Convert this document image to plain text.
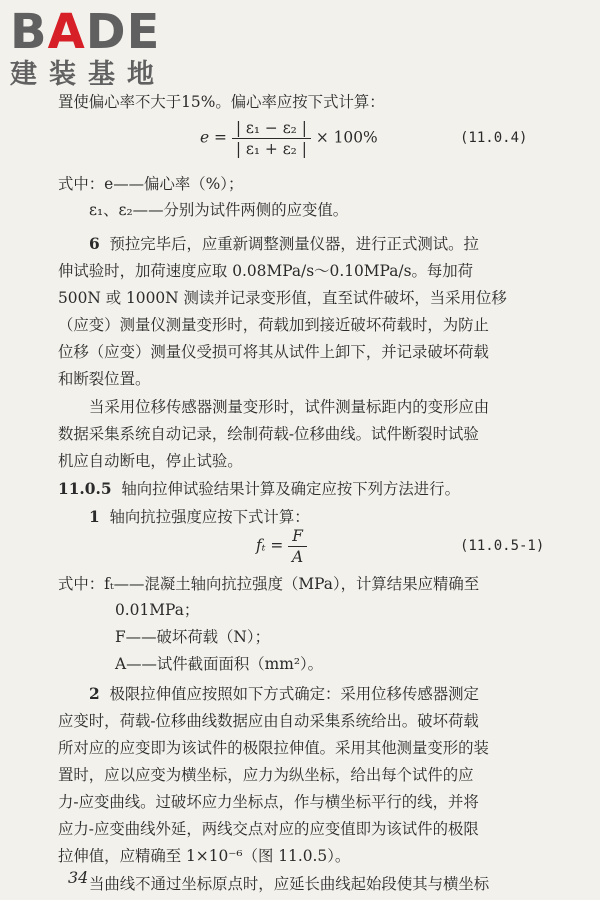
BADE
建装基地
置使偏心率不大于15%。偏心率应按下式计算：
$e = \frac{\text{| ε₁ − ε₂ |}}{\text{| ε₁ + ε₂ |}} \times 100\%$	(11.0.4)
式中：e——偏心率（%）；
ε₁、ε₂——分别为试件两侧的应变值。
6 预拉完毕后，应重新调整测量仪器，进行正式测试。拉
伸试验时，加荷速度应取 0.08MPa/s～0.10MPa/s。每加荷
500N 或 1000N 测读并记录变形值，直至试件破坏，当采用位移
（应变）测量仪测量变形时，荷载加到接近破坏荷载时，为防止
位移（应变）测量仪受损可将其从试件上卸下，并记录破坏荷载
和断裂位置。
当采用位移传感器测量变形时，试件测量标距内的变形应由
数据采集系统自动记录，绘制荷载-位移曲线。试件断裂时试验
机应自动断电，停止试验。
11.0.5 轴向拉伸试验结果计算及确定应按下列方法进行。
1 轴向抗拉强度应按下式计算：
$f_t = \frac{F}{A}$	(11.0.5-1)
式中：fₜ——混凝土轴向抗拉强度（MPa），计算结果应精确至
0.01MPa；
F——破坏荷载（N）；
A——试件截面面积（mm²）。
2 极限拉伸值应按照如下方式确定：采用位移传感器测定
应变时，荷载-位移曲线数据应由自动采集系统给出。破坏荷载
所对应的应变即为该试件的极限拉伸值。采用其他测量变形的装
置时，应以应变为横坐标，应力为纵坐标，给出每个试件的应
力-应变曲线。过破坏应力坐标点，作与横坐标平行的线，并将
应力-应变曲线外延，两线交点对应的应变值即为该试件的极限
拉伸值，应精确至 1×10⁻⁶（图 11.0.5）。
当曲线不通过坐标原点时，应延长曲线起始段使其与横坐标
34
